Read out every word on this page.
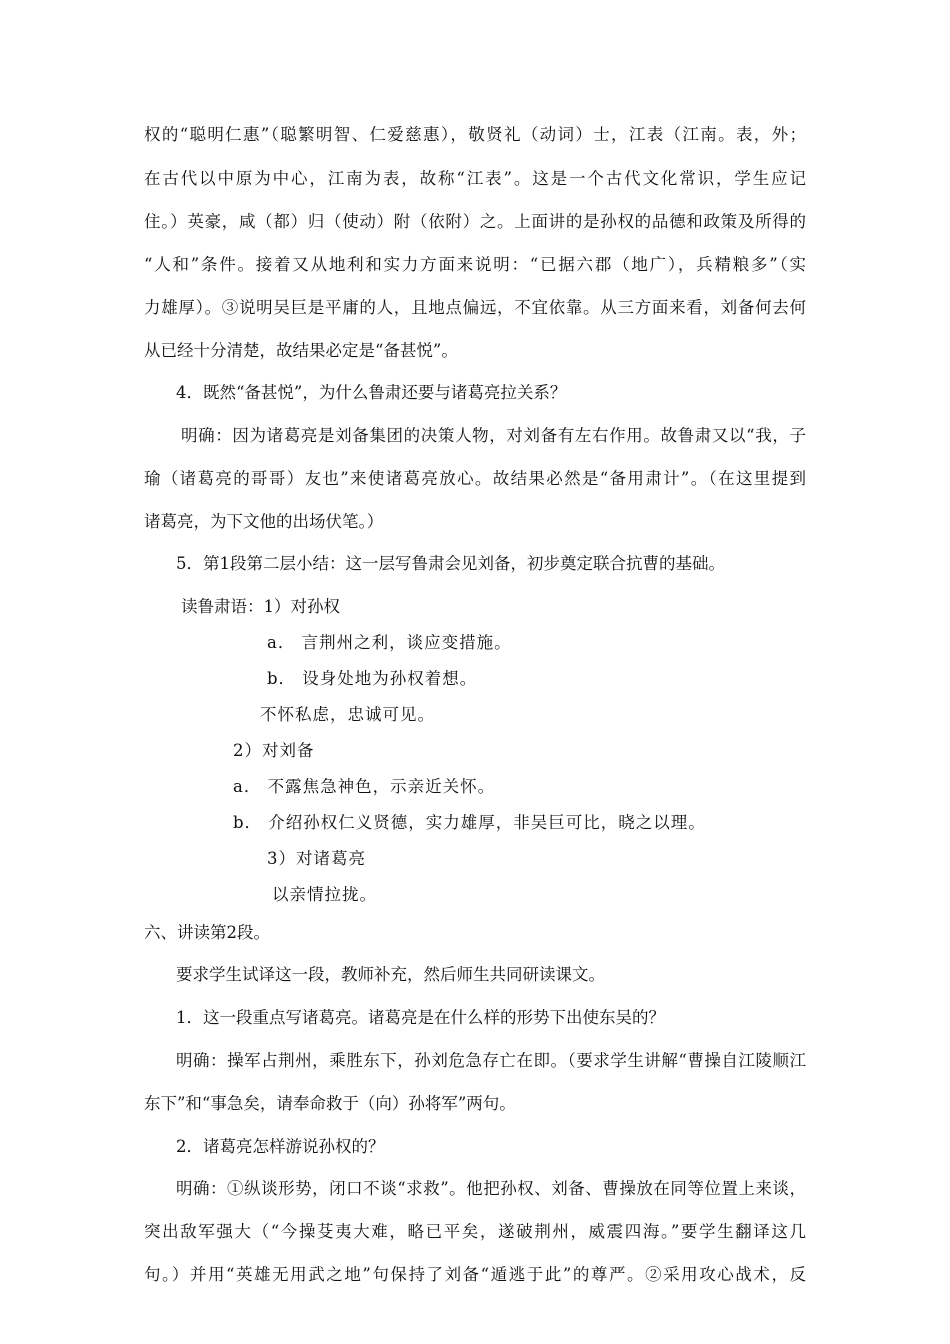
权的“聪明仁惠”（聪繁明智、仁爱慈惠），敬贤礼（动词）士，江表（江南。表，外；
在古代以中原为中心，江南为表，故称“江表”。这是一个古代文化常识，学生应记
住。）英豪，咸（都）归（使动）附（依附）之。上面讲的是孙权的品德和政策及所得的
“人和”条件。接着又从地利和实力方面来说明：“已据六郡（地广），兵精粮多”（实
力雄厚）。③说明吴巨是平庸的人，且地点偏远，不宜依靠。从三方面来看，刘备何去何
从已经十分清楚，故结果必定是“备甚悦”。
4．既然“备甚悦”，为什么鲁肃还要与诸葛亮拉关系？
明确：因为诸葛亮是刘备集团的决策人物，对刘备有左右作用。故鲁肃又以“我，子
瑜（诸葛亮的哥哥）友也”来使诸葛亮放心。故结果必然是“备用肃计”。（在这里提到
诸葛亮，为下文他的出场伏笔。）
5．第1段第二层小结：这一层写鲁肃会见刘备，初步奠定联合抗曹的基础。
读鲁肃语：1）对孙权
a． 言荆州之利，谈应变措施。
b． 设身处地为孙权着想。
不怀私虑，忠诚可见。
2）对刘备
a． 不露焦急神色，示亲近关怀。
b． 介绍孙权仁义贤德，实力雄厚，非吴巨可比，晓之以理。
3）对诸葛亮
以亲情拉拢。
六、讲读第2段。
要求学生试译这一段，教师补充，然后师生共同研读课文。
1．这一段重点写诸葛亮。诸葛亮是在什么样的形势下出使东吴的？
明确：操军占荆州，乘胜东下，孙刘危急存亡在即。（要求学生讲解“曹操自江陵顺江
东下”和“事急矣，请奉命救于（向）孙将军”两句。
2．诸葛亮怎样游说孙权的？
明确：①纵谈形势，闭口不谈“求救”。他把孙权、刘备、曹操放在同等位置上来谈，
突出敌军强大（“今操芟夷大难，略已平矣，遂破荆州，威震四海。”要学生翻译这几
句。）并用“英雄无用武之地”句保持了刘备“遁逃于此”的尊严。②采用攻心战术，反
